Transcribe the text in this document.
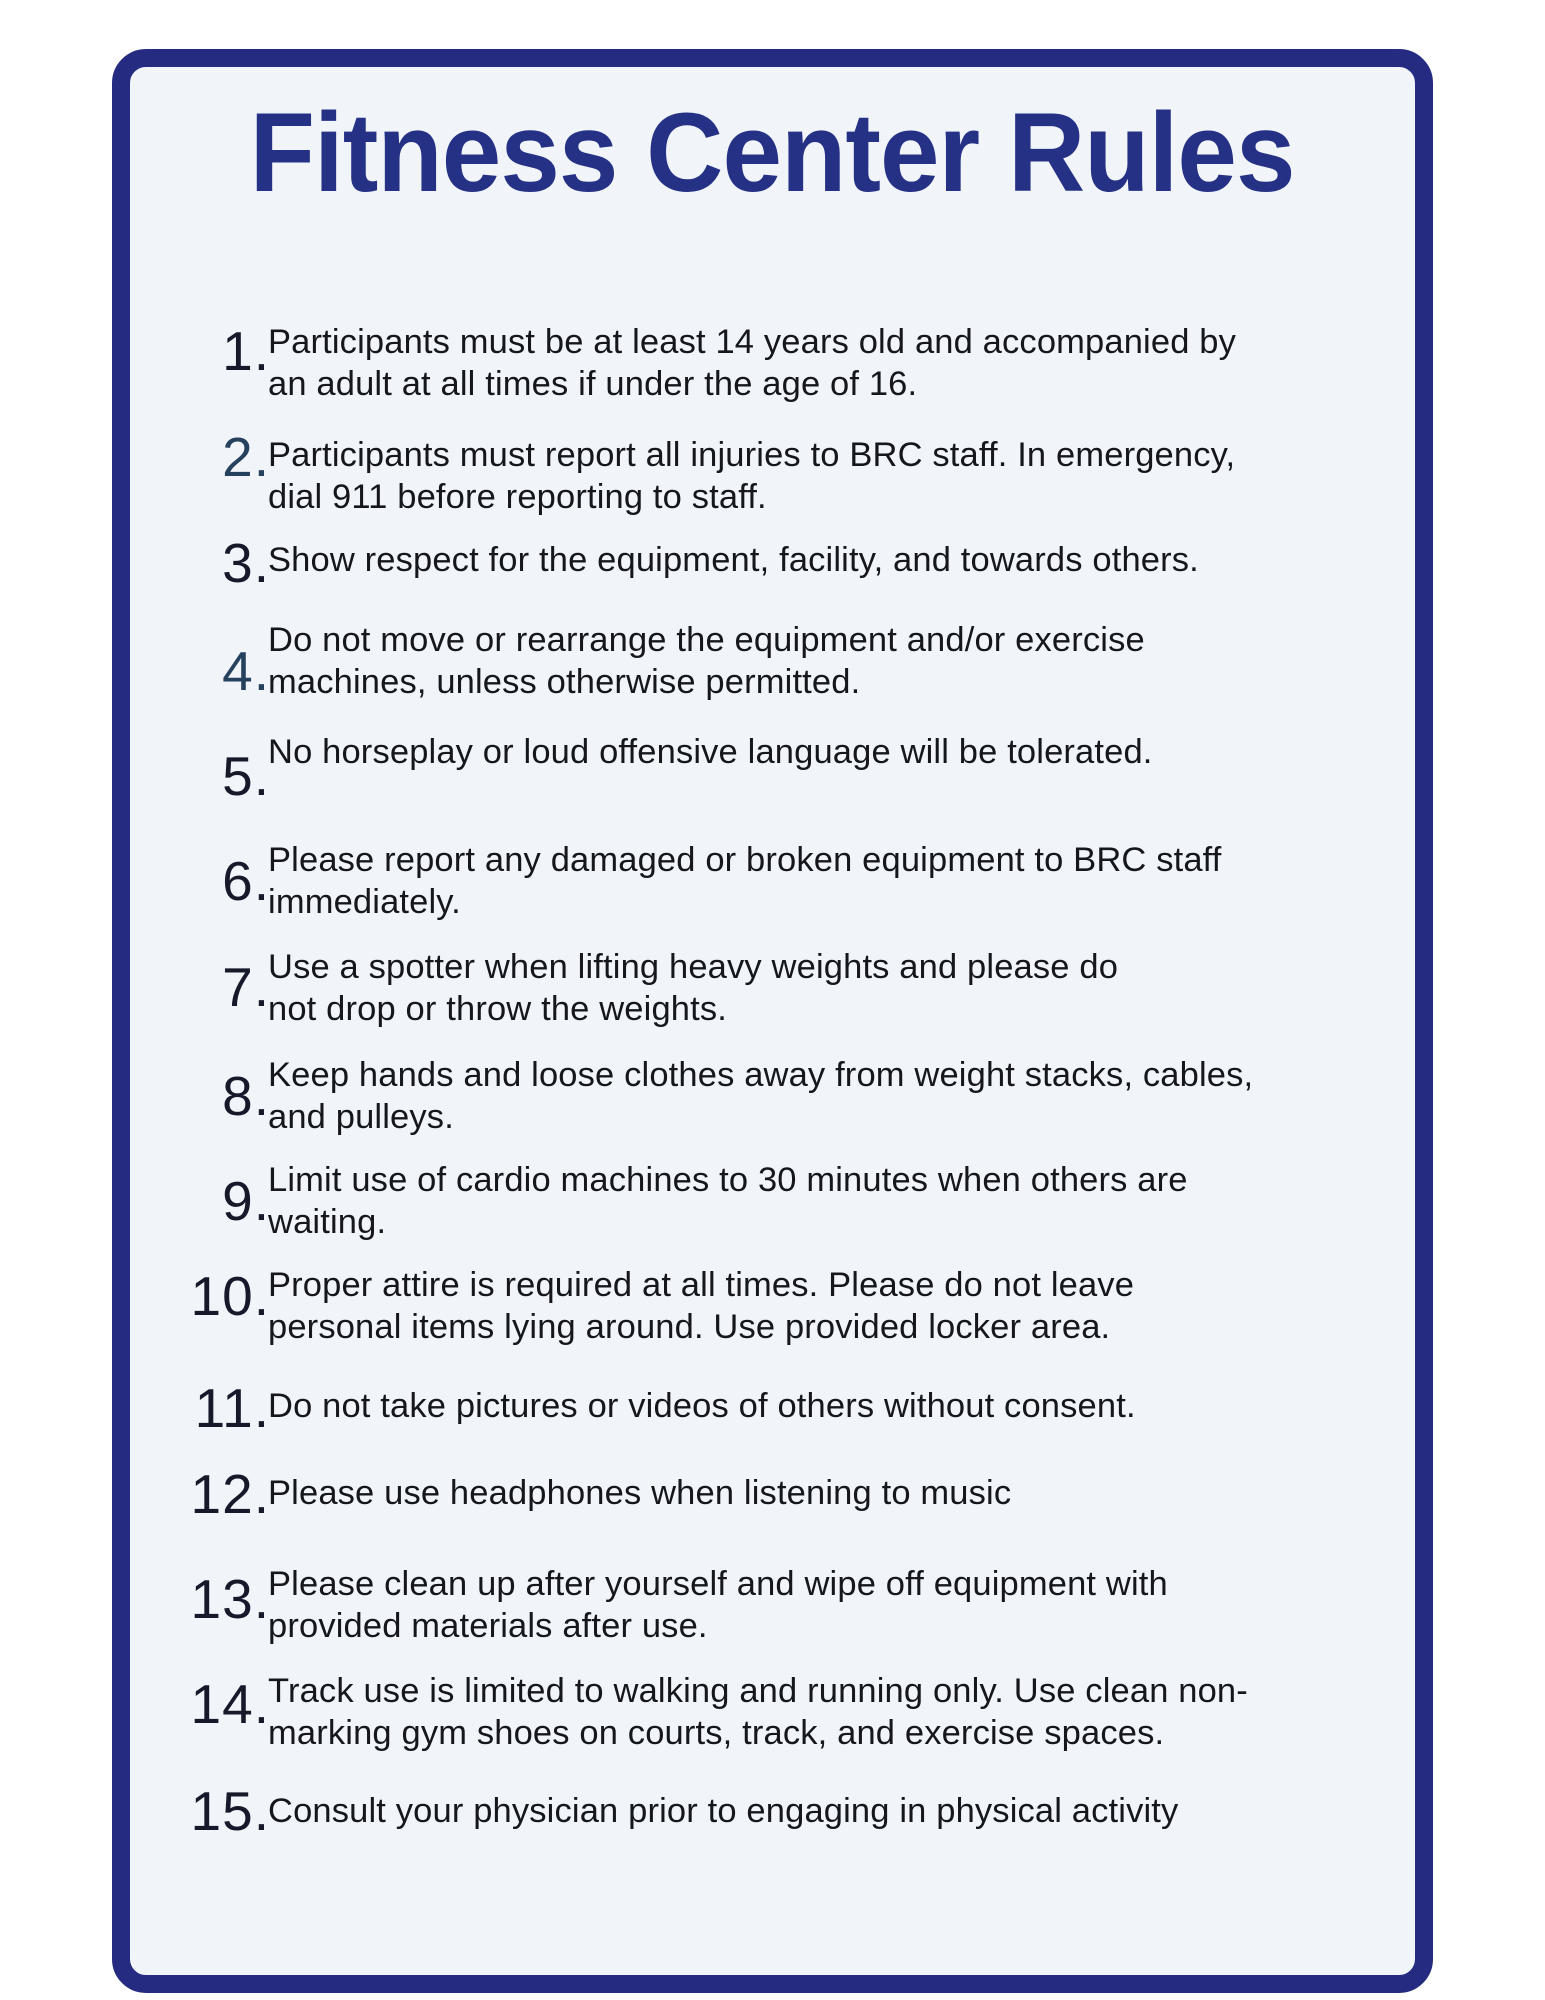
Fitness Center Rules
1.
Participants must be at least 14 years old and accompanied by
an adult at all times if under the age of 16.
2.
Participants must report all injuries to BRC staff. In emergency,
dial 911 before reporting to staff.
3.
Show respect for the equipment, facility, and towards others.
4.
Do not move or rearrange the equipment and/or exercise
machines, unless otherwise permitted.
5.
No horseplay or loud offensive language will be tolerated.
6.
Please report any damaged or broken equipment to BRC staff
immediately.
7.
Use a spotter when lifting heavy weights and please do
not drop or throw the weights.
8.
Keep hands and loose clothes away from weight stacks, cables,
and pulleys.
9.
Limit use of cardio machines to 30 minutes when others are
waiting.
10.
Proper attire is required at all times. Please do not leave
personal items lying around. Use provided locker area.
11.
Do not take pictures or videos of others without consent.
12.
Please use headphones when listening to music
13.
Please clean up after yourself and wipe off equipment with
provided materials after use.
14.
Track use is limited to walking and running only. Use clean non-
marking gym shoes on courts, track, and exercise spaces.
15.
Consult your physician prior to engaging in physical activity
